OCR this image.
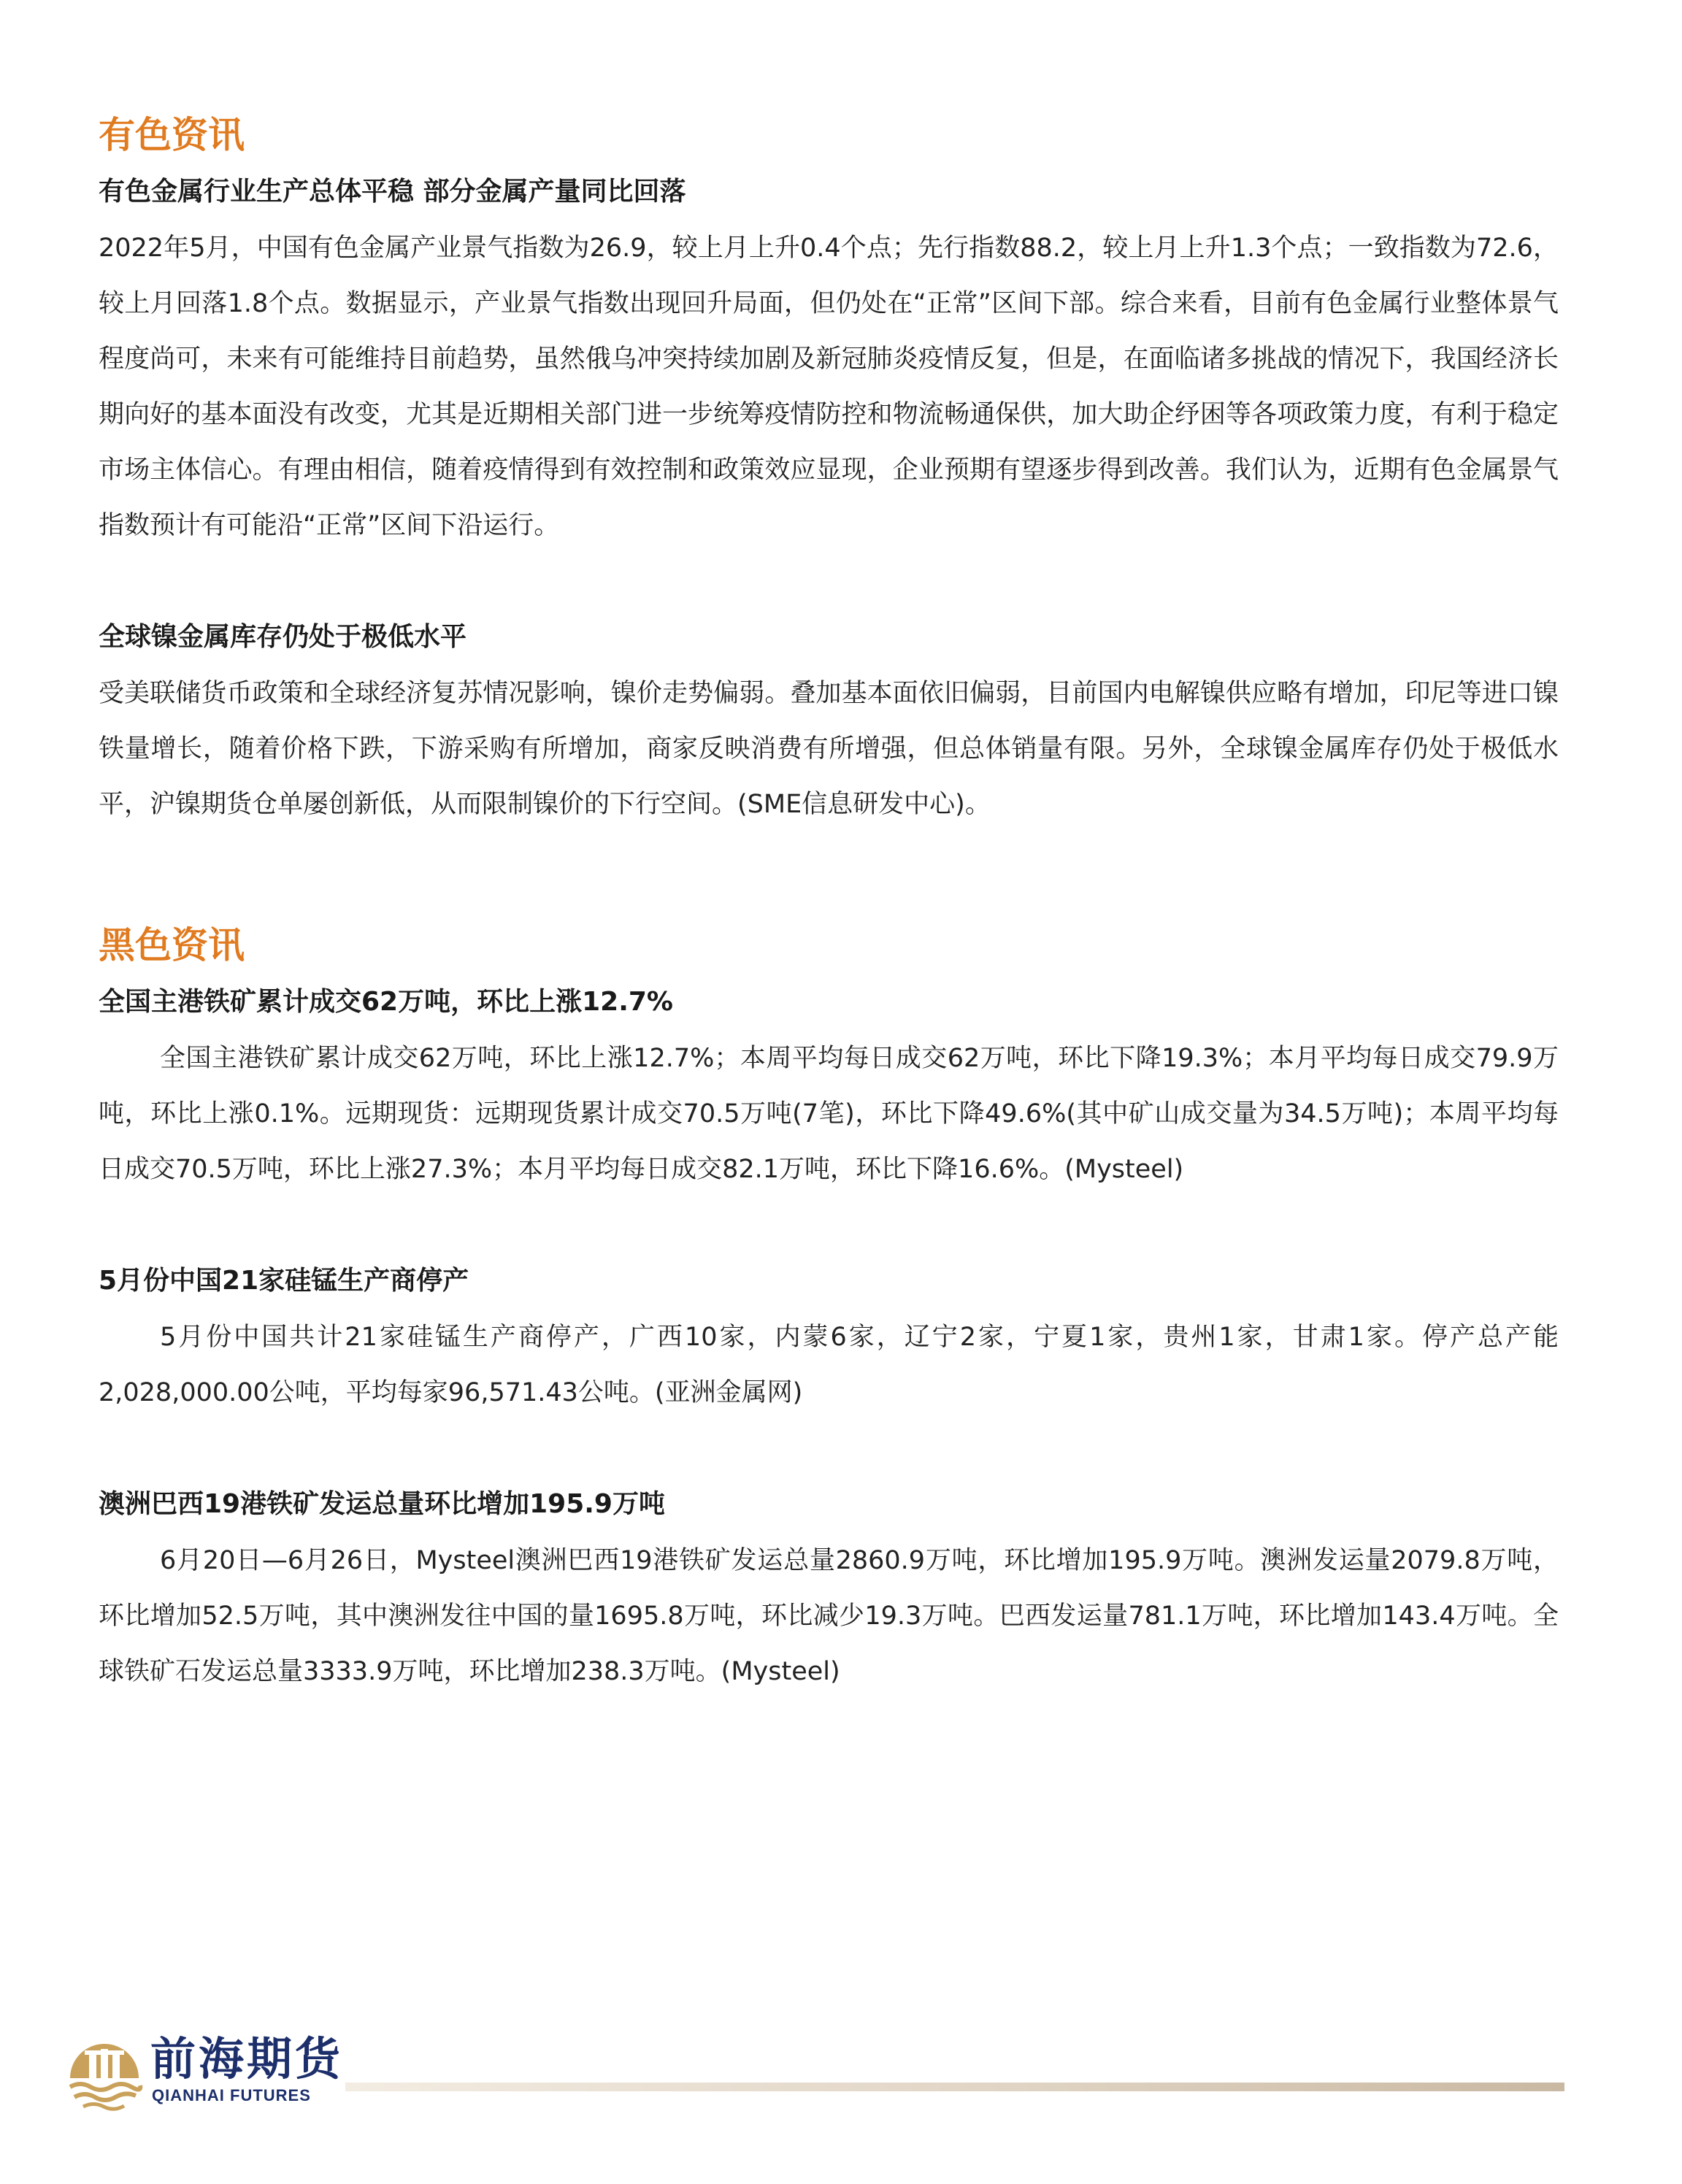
有色资讯
有色金属行业生产总体平稳 部分金属产量同比回落

2022年5月，中国有色金属产业景气指数为26.9，较上月上升0.4个点；先行指数88.2，较上月上升1.3个点；一致指数为72.6，较上月回落1.8个点。数据显示，产业景气指数出现回升局面，但仍处在“正常”区间下部。综合来看，目前有色金属行业整体景气程度尚可，未来有可能维持目前趋势，虽然俄乌冲突持续加剧及新冠肺炎疫情反复，但是，在面临诸多挑战的情况下，我国经济长期向好的基本面没有改变，尤其是近期相关部门进一步统筹疫情防控和物流畅通保供，加大助企纾困等各项政策力度，有利于稳定市场主体信心。有理由相信，随着疫情得到有效控制和政策效应显现，企业预期有望逐步得到改善。我们认为，近期有色金属景气指数预计有可能沿“正常”区间下沿运行。

全球镍金属库存仍处于极低水平

受美联储货币政策和全球经济复苏情况影响，镍价走势偏弱。叠加基本面依旧偏弱，目前国内电解镍供应略有增加，印尼等进口镍铁量增长，随着价格下跌，下游采购有所增加，商家反映消费有所增强，但总体销量有限。另外，全球镍金属库存仍处于极低水平，沪镍期货仓单屡创新低，从而限制镍价的下行空间。(SME信息研发中心)。

黑色资讯
全国主港铁矿累计成交62万吨，环比上涨12.7%

全国主港铁矿累计成交62万吨，环比上涨12.7%；本周平均每日成交62万吨，环比下降19.3%；本月平均每日成交79.9万吨，环比上涨0.1%。远期现货：远期现货累计成交70.5万吨(7笔)，环比下降49.6%(其中矿山成交量为34.5万吨)；本周平均每日成交70.5万吨，环比上涨27.3%；本月平均每日成交82.1万吨，环比下降16.6%。(Mysteel)

5月份中国21家硅锰生产商停产

5月份中国共计21家硅锰生产商停产，广西10家，内蒙6家，辽宁2家，宁夏1家，贵州1家，甘肃1家。停产总产能2,028,000.00公吨，平均每家96,571.43公吨。(亚洲金属网)

澳洲巴西19港铁矿发运总量环比增加195.9万吨

6月20日—6月26日，Mysteel澳洲巴西19港铁矿发运总量2860.9万吨，环比增加195.9万吨。澳洲发运量2079.8万吨，环比增加52.5万吨，其中澳洲发往中国的量1695.8万吨，环比减少19.3万吨。巴西发运量781.1万吨，环比增加143.4万吨。全球铁矿石发运总量3333.9万吨，环比增加238.3万吨。(Mysteel)

前海期货
QIANHAI FUTURES
